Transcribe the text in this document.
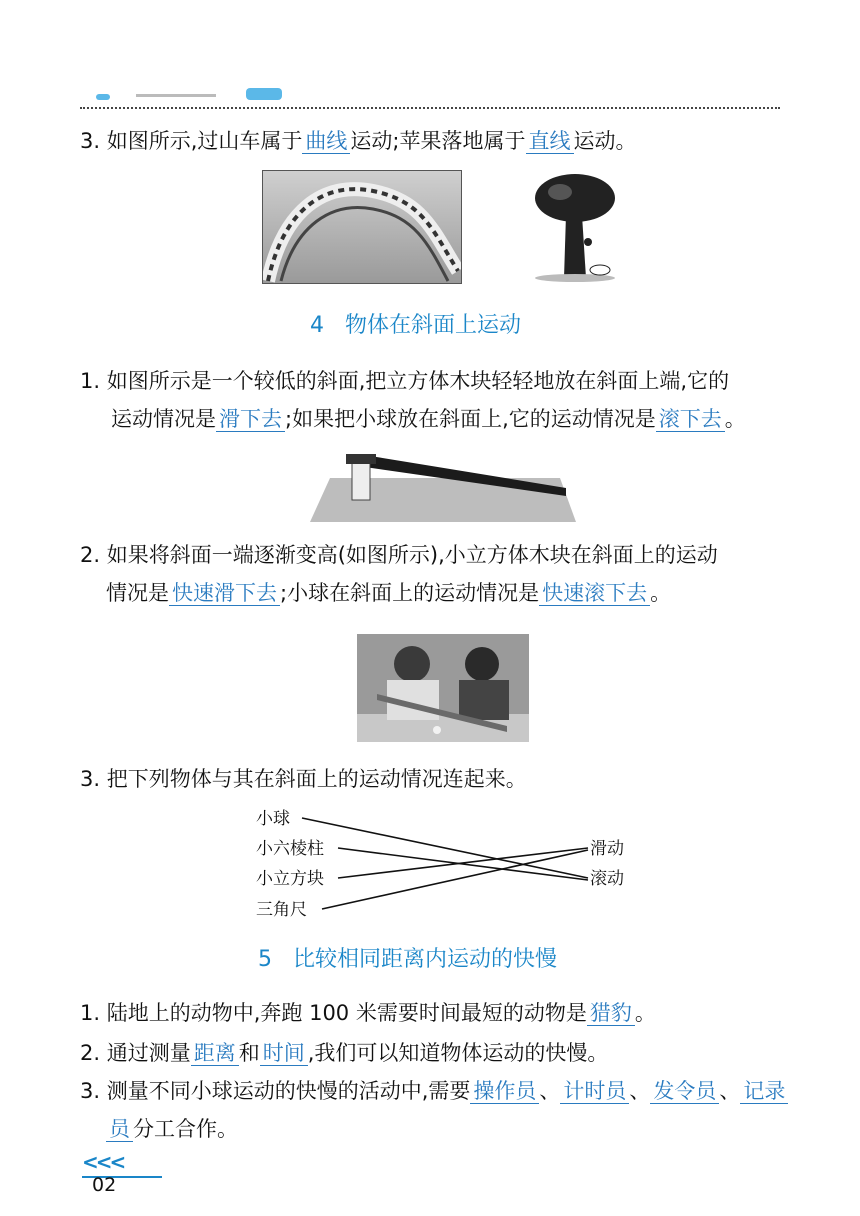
3. 如图所示,过山车属于 曲线 运动;苹果落地属于 直线 运动。
4 物体在斜面上运动
1. 如图所示是一个较低的斜面,把立方体木块轻轻地放在斜面上端,它的
运动情况是 滑下去 ;如果把小球放在斜面上,它的运动情况是 滚下去 。
2. 如果将斜面一端逐渐变高(如图所示),小立方体木块在斜面上的运动
情况是 快速滑下去 ;小球在斜面上的运动情况是 快速滚下去 。
3. 把下列物体与其在斜面上的运动情况连起来。
小球
小六棱柱
小立方块
三角尺
滑动
滚动
5 比较相同距离内运动的快慢
1. 陆地上的动物中,奔跑 100 米需要时间最短的动物是 猎豹 。
2. 通过测量 距离 和 时间 ,我们可以知道物体运动的快慢。
3. 测量不同小球运动的快慢的活动中,需要 操作员 、 计时员 、 发令员 、 记录
员 分工合作。
<<< 02
